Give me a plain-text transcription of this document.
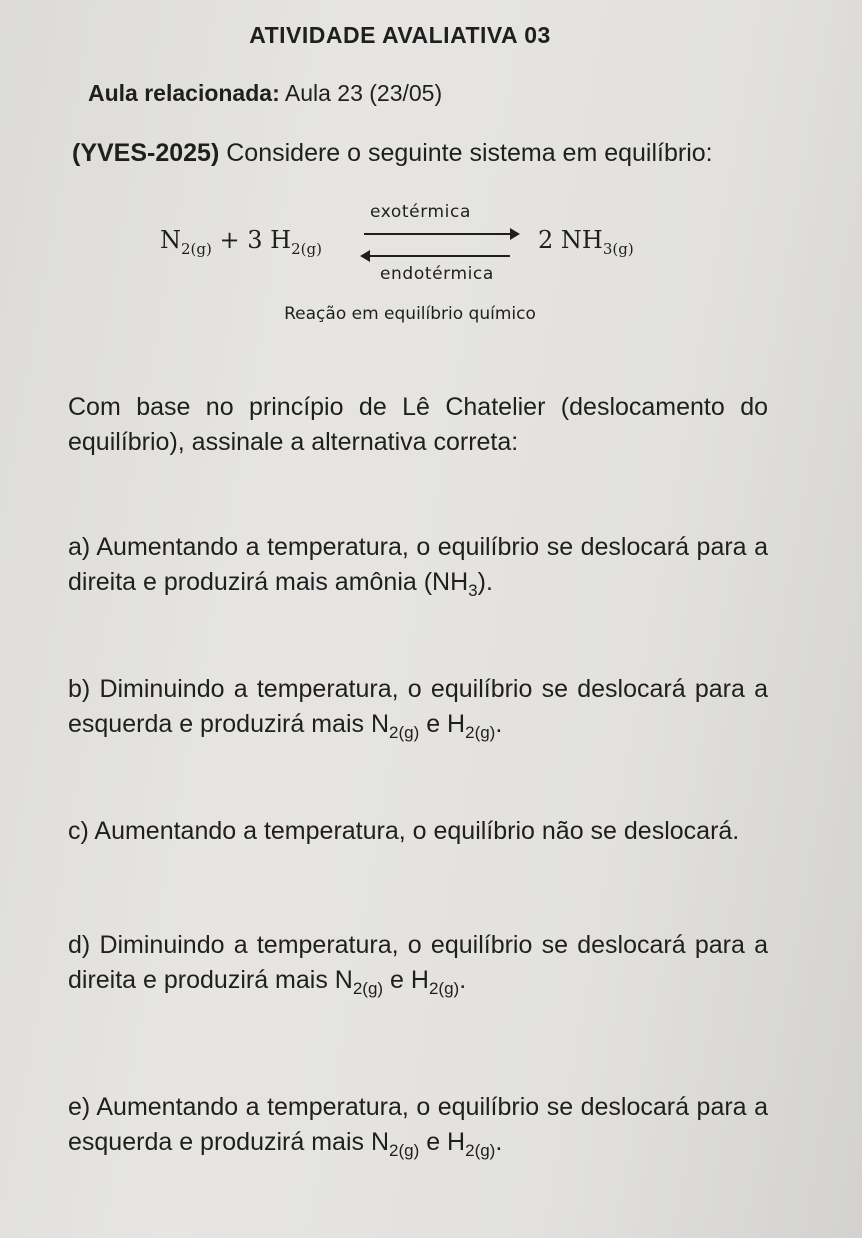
ATIVIDADE AVALIATIVA 03
Aula relacionada: Aula 23 (23/05)
(YVES-2025) Considere o seguinte sistema em equilíbrio:
$N_{2(g)} + 3$ $H_{2(g)}$
exotérmica
endotérmica
2 $NH_{3(g)}$
Reação em equilíbrio químico
Com base no princípio de Lê Chatelier (deslocamento do equilíbrio), assinale a alternativa correta:
a) Aumentando a temperatura, o equilíbrio se deslocará para a direita e produzirá mais amônia $(NH_3)$.
b) Diminuindo a temperatura, o equilíbrio se deslocará para a esquerda e produzirá mais $N_{2(g)}$ e $H_{2(g)}$.
c) Aumentando a temperatura, o equilíbrio não se deslocará.
d) Diminuindo a temperatura, o equilíbrio se deslocará para a direita e produzirá mais $N_{2(g)}$ e $H_{2(g)}$.
e) Aumentando a temperatura, o equilíbrio se deslocará para a esquerda e produzirá mais $N_{2(g)}$ e $H_{2(g)}$.
